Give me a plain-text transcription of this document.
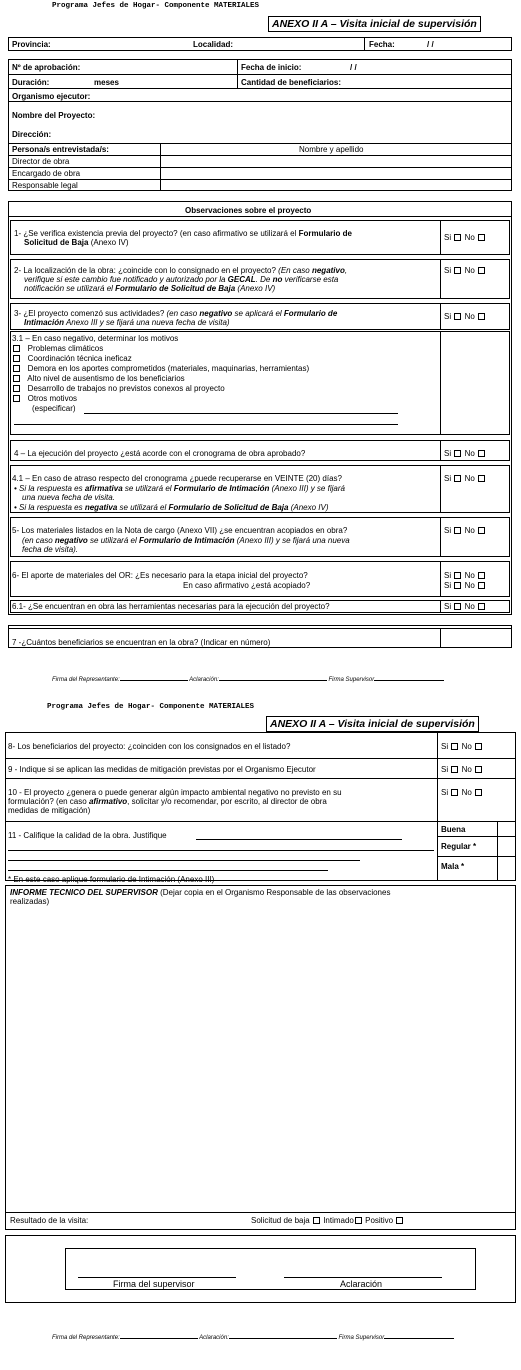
Programa Jefes de Hogar- Componente MATERIALES
ANEXO II A – Visita inicial de supervisión
Provincia:	Localidad:	Fecha:	/ /
Nº de aprobación:	Fecha de inicio:	/ /
Duración:	meses	Cantidad de beneficiarios:
Organismo ejecutor:
Nombre del Proyecto:
Dirección:
Persona/s entrevistada/s:	Nombre y apellido
Director de obra
Encargado de obra
Responsable legal
Observaciones sobre el proyecto
1- ¿Se verifica existencia previa del proyecto? (en caso afirmativo se utilizará el Formulario de
Solicitud de Baja (Anexo IV)
Si No
2- La localización de la obra: ¿coincide con lo consignado en el proyecto? (En caso negativo,
verifique si este cambio fue notificado y autorizado por la GECAL. De no verificarse esta
notificación se utilizará el Formulario de Solicitud de Baja (Anexo IV)
Si No
3- ¿El proyecto comenzó sus actividades? (en caso negativo se aplicará el Formulario de
Intimación Anexo III y se fijará una nueva fecha de visita)
Si No
3.1 – En caso negativo, determinar los motivos
Problemas climáticos
Coordinación técnica ineficaz
Demora en los aportes comprometidos (materiales, maquinarias, herramientas)
Alto nivel de ausentismo de los beneficiarios
Desarrollo de trabajos no previstos conexos al proyecto
Otros motivos
(especificar)
4 – La ejecución del proyecto ¿está acorde con el cronograma de obra aprobado?	Si No
4.1 – En caso de atraso respecto del cronograma ¿puede recuperarse en VEINTE (20) días?
• Si la respuesta es afirmativa se utilizará el Formulario de Intimación (Anexo III) y se fijará
una nueva fecha de visita.
• Si la respuesta es negativa se utilizará el Formulario de Solicitud de Baja (Anexo IV)
Si No
5- Los materiales listados en la Nota de cargo (Anexo VII) ¿se encuentran acopiados en obra?
(en caso negativo se utilizará el Formulario de Intimación (Anexo III) y se fijará una nueva
fecha de visita).
Si No
6- El aporte de materiales del OR: ¿Es necesario para la etapa inicial del proyecto?
En caso afirmativo ¿está acopiado?
Si No
Si No
6.1- ¿Se encuentran en obra las herramientas necesarias para la ejecución del proyecto?	Si No
7 -¿Cuántos beneficiarios se encuentran en la obra? (Indicar en número)
Firma del Representante:	Aclaración:	Firma Supervisor
Programa Jefes de Hogar- Componente MATERIALES
ANEXO II A – Visita inicial de supervisión
8- Los beneficiarios del proyecto: ¿coinciden con los consignados en el listado?	Si No
9 - Indique si se aplican las medidas de mitigación previstas por el Organismo Ejecutor	Si No
10 - El proyecto ¿genera o puede generar algún impacto ambiental negativo no previsto en su
formulación? (en caso afirmativo, solicitar y/o recomendar, por escrito, al director de obra
medidas de mitigación)
Si No
11 - Califique la calidad de la obra. Justifique
Buena
Regular *
Mala *
* En este caso aplique formulario de Intimación (Anexo III)
INFORME TECNICO DEL SUPERVISOR (Dejar copia en el Organismo Responsable de las observaciones
realizadas)
Resultado de la visita:	Solicitud de baja Intimado Positivo
Firma del supervisor	Aclaración
Firma del Representante:	Aclaración:	Firma Supervisor
